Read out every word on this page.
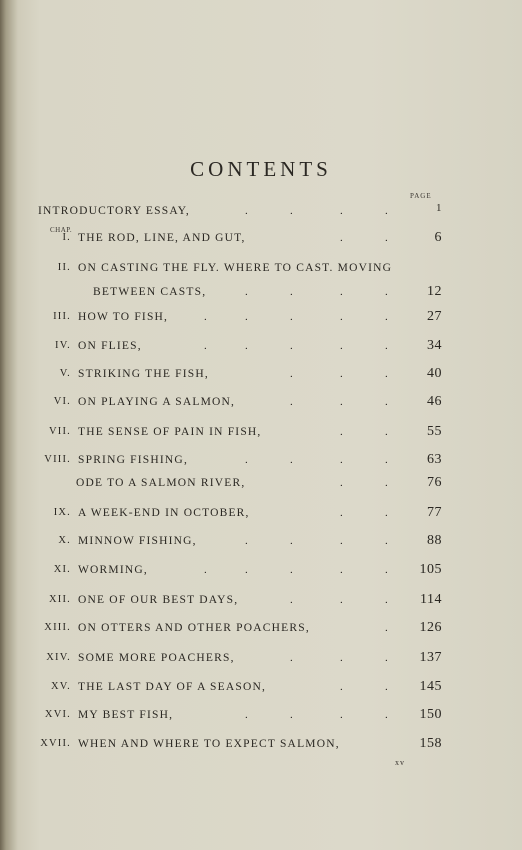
CONTENTS
PAGE
CHAP.
INTRODUCTORY ESSAY,	.	.	.	.	1
I. THE ROD, LINE, AND GUT,	.	.	6
II. ON CASTING THE FLY. WHERE TO CAST. MOVING
BETWEEN CASTS,	.	.	.	.	12
III. HOW TO FISH,	.	.	.	.	.	27
IV. ON FLIES,	.	.	.	.	.	34
V. STRIKING THE FISH,	.	.	.	40
VI. ON PLAYING A SALMON,	.	.	.	46
VII. THE SENSE OF PAIN IN FISH,	.	.	55
VIII. SPRING FISHING,	.	.	.	.	63
ODE TO A SALMON RIVER,	.	.	76
IX. A WEEK-END IN OCTOBER,	.	.	77
X. MINNOW FISHING,	.	.	.	.	88
XI. WORMING,	.	.	.	.	.	105
XII. ONE OF OUR BEST DAYS,	.	.	.	114
XIII. ON OTTERS AND OTHER POACHERS,	.	126
XIV. SOME MORE POACHERS,	.	.	.	137
XV. THE LAST DAY OF A SEASON,	.	.	145
XVI. MY BEST FISH,	.	.	.	.	150
XVII. WHEN AND WHERE TO EXPECT SALMON,	158
xv
